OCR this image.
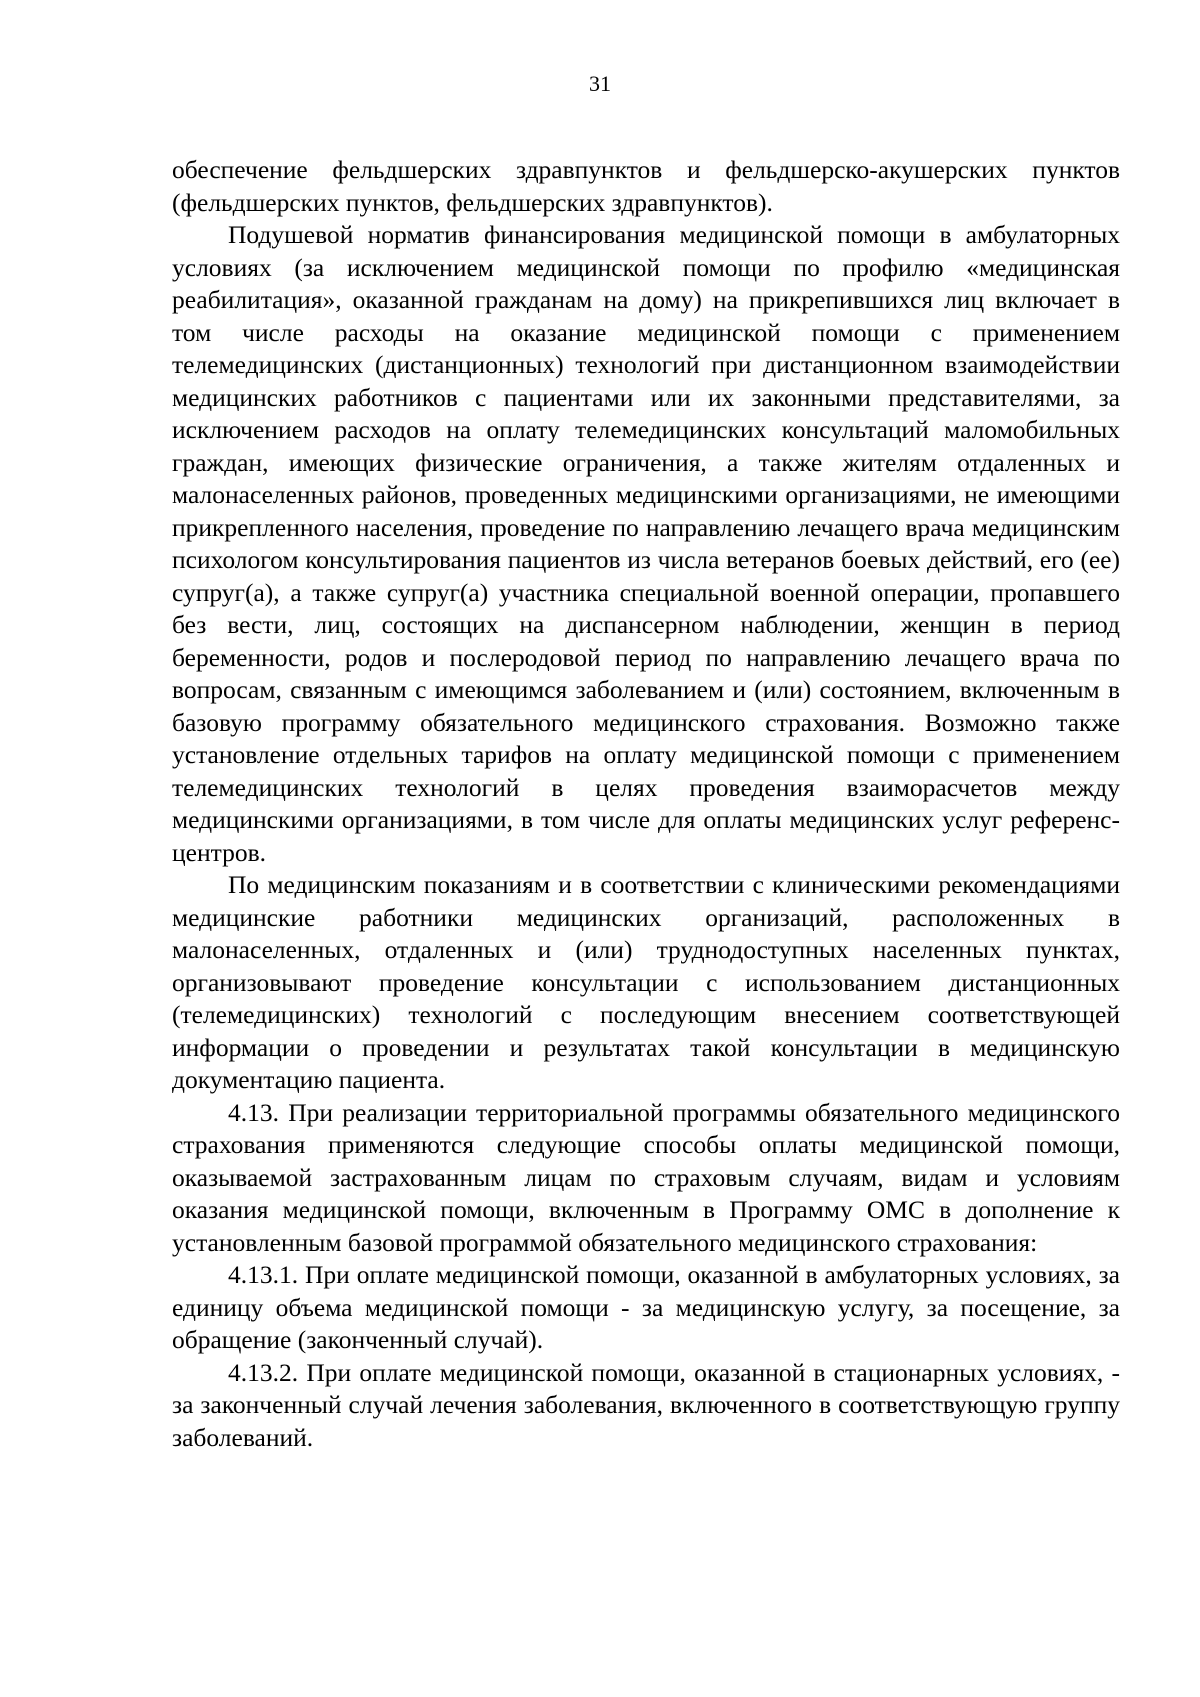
31

обеспечение фельдшерских здравпунктов и фельдшерско-акушерских пунктов (фельдшерских пунктов, фельдшерских здравпунктов).

Подушевой норматив финансирования медицинской помощи в амбулаторных условиях (за исключением медицинской помощи по профилю «медицинская реабилитация», оказанной гражданам на дому) на прикрепившихся лиц включает в том числе расходы на оказание медицинской помощи с применением телемедицинских (дистанционных) технологий при дистанционном взаимодействии медицинских работников с пациентами или их законными представителями, за исключением расходов на оплату телемедицинских консультаций маломобильных граждан, имеющих физические ограничения, а также жителям отдаленных и малонаселенных районов, проведенных медицинскими организациями, не имеющими прикрепленного населения, проведение по направлению лечащего врача медицинским психологом консультирования пациентов из числа ветеранов боевых действий, его (ее) супруг(а), а также супруг(а) участника специальной военной операции, пропавшего без вести, лиц, состоящих на диспансерном наблюдении, женщин в период беременности, родов и послеродовой период по направлению лечащего врача по вопросам, связанным с имеющимся заболеванием и (или) состоянием, включенным в базовую программу обязательного медицинского страхования. Возможно также установление отдельных тарифов на оплату медицинской помощи с применением телемедицинских технологий в целях проведения взаиморасчетов между медицинскими организациями, в том числе для оплаты медицинских услуг референс-центров.

По медицинским показаниям и в соответствии с клиническими рекомендациями медицинские работники медицинских организаций, расположенных в малонаселенных, отдаленных и (или) труднодоступных населенных пунктах, организовывают проведение консультации с использованием дистанционных (телемедицинских) технологий с последующим внесением соответствующей информации о проведении и результатах такой консультации в медицинскую документацию пациента.

4.13. При реализации территориальной программы обязательного медицинского страхования применяются следующие способы оплаты медицинской помощи, оказываемой застрахованным лицам по страховым случаям, видам и условиям оказания медицинской помощи, включенным в Программу ОМС в дополнение к установленным базовой программой обязательного медицинского страхования:

4.13.1. При оплате медицинской помощи, оказанной в амбулаторных условиях, за единицу объема медицинской помощи - за медицинскую услугу, за посещение, за обращение (законченный случай).

4.13.2. При оплате медицинской помощи, оказанной в стационарных условиях, - за законченный случай лечения заболевания, включенного в соответствующую группу заболеваний.
